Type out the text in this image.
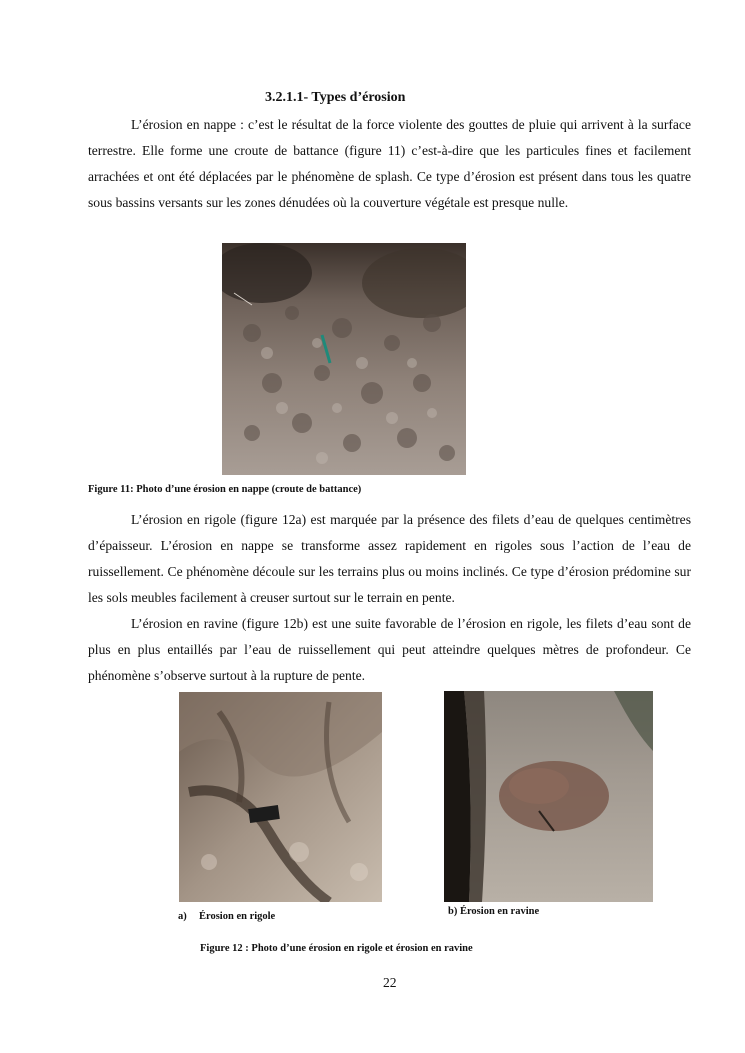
3.2.1.1- Types d’érosion

L’érosion en nappe : c’est le résultat de la force violente des gouttes de pluie qui arrivent à la surface terrestre. Elle forme une croute de battance (figure 11) c’est-à-dire que les particules fines et facilement arrachées et ont été déplacées par le phénomène de splash. Ce type d’érosion est présent dans tous les quatre sous bassins versants sur les zones dénudées où la couverture végétale est presque nulle.

Figure 11: Photo d’une érosion en nappe (croute de battance)

L’érosion en rigole (figure 12a) est marquée par la présence des filets d’eau de quelques centimètres d’épaisseur. L’érosion en nappe se transforme assez rapidement en rigoles sous l’action de l’eau de ruissellement. Ce phénomène découle sur les terrains plus ou moins inclinés. Ce type d’érosion prédomine sur les sols meubles facilement à creuser surtout sur le terrain en pente.

L’érosion en ravine (figure 12b) est une suite favorable de l’érosion en rigole, les filets d’eau sont de plus en plus entaillés par l’eau de ruissellement qui peut atteindre quelques mètres de profondeur. Ce phénomène s’observe surtout à la rupture de pente.

a) Érosion en rigole	b) Érosion en ravine
Figure 12 : Photo d’une érosion en rigole et érosion en ravine
22
